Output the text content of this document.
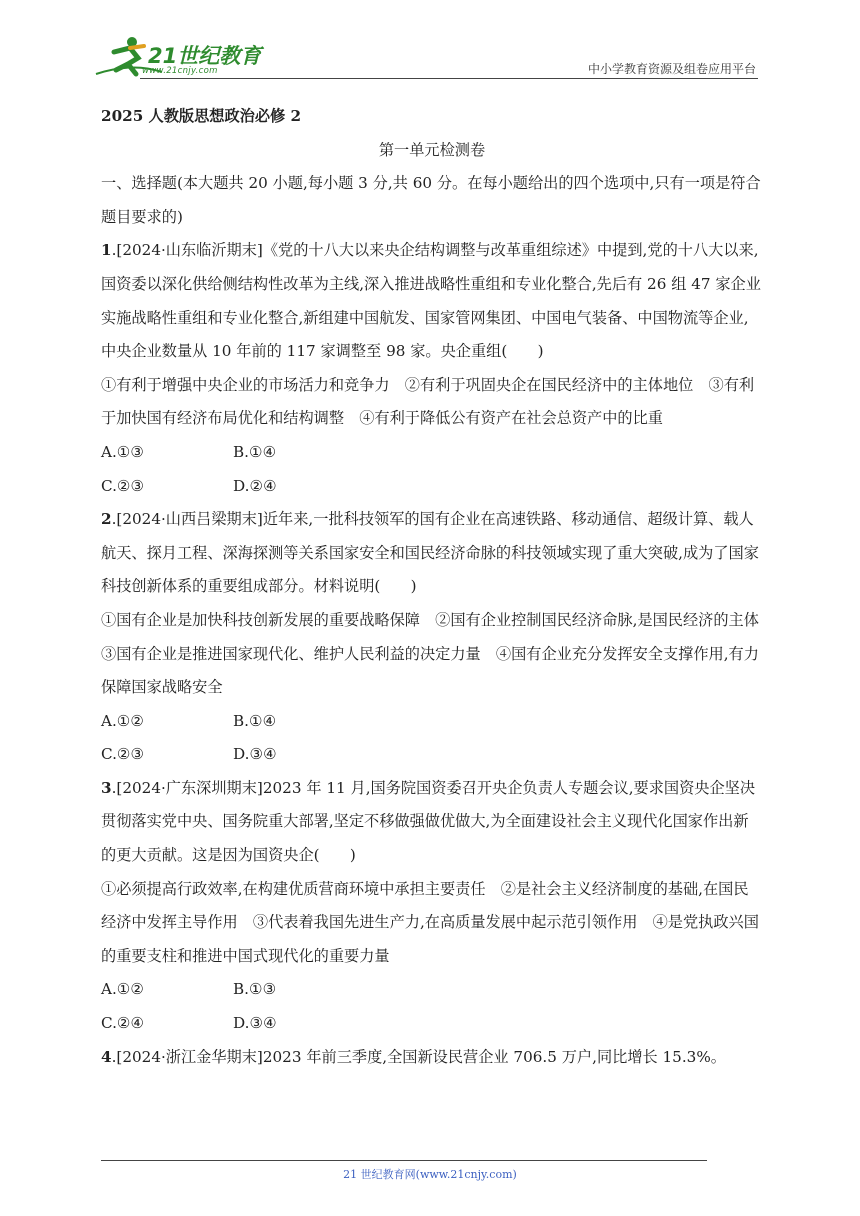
21世纪教育
www.21cnjy.com	中小学教育资源及组卷应用平台

2025 人教版思想政治必修 2

第一单元检测卷

一、选择题(本大题共 20 小题,每小题 3 分,共 60 分。在每小题给出的四个选项中,只有一项是符合题目要求的)

1.[2024·山东临沂期末]《党的十八大以来央企结构调整与改革重组综述》中提到,党的十八大以来,国资委以深化供给侧结构性改革为主线,深入推进战略性重组和专业化整合,先后有 26 组 47 家企业实施战略性重组和专业化整合,新组建中国航发、国家管网集团、中国电气装备、中国物流等企业,中央企业数量从 10 年前的 117 家调整至 98 家。央企重组(　　)

①有利于增强中央企业的市场活力和竞争力　②有利于巩固央企在国民经济中的主体地位　③有利于加快国有经济布局优化和结构调整　④有利于降低公有资产在社会总资产中的比重

A.①③	B.①④
C.②③	D.②④

2.[2024·山西吕梁期末]近年来,一批科技领军的国有企业在高速铁路、移动通信、超级计算、载人航天、探月工程、深海探测等关系国家安全和国民经济命脉的科技领域实现了重大突破,成为了国家科技创新体系的重要组成部分。材料说明(　　)

①国有企业是加快科技创新发展的重要战略保障　②国有企业控制国民经济命脉,是国民经济的主体　③国有企业是推进国家现代化、维护人民利益的决定力量　④国有企业充分发挥安全支撑作用,有力保障国家战略安全

A.①②	B.①④
C.②③	D.③④

3.[2024·广东深圳期末]2023 年 11 月,国务院国资委召开央企负责人专题会议,要求国资央企坚决贯彻落实党中央、国务院重大部署,坚定不移做强做优做大,为全面建设社会主义现代化国家作出新的更大贡献。这是因为国资央企(　　)

①必须提高行政效率,在构建优质营商环境中承担主要责任　②是社会主义经济制度的基础,在国民经济中发挥主导作用　③代表着我国先进生产力,在高质量发展中起示范引领作用　④是党执政兴国的重要支柱和推进中国式现代化的重要力量

A.①②	B.①③
C.②④	D.③④

4.[2024·浙江金华期末]2023 年前三季度,全国新设民营企业 706.5 万户,同比增长 15.3%。

21 世纪教育网(www.21cnjy.com)
